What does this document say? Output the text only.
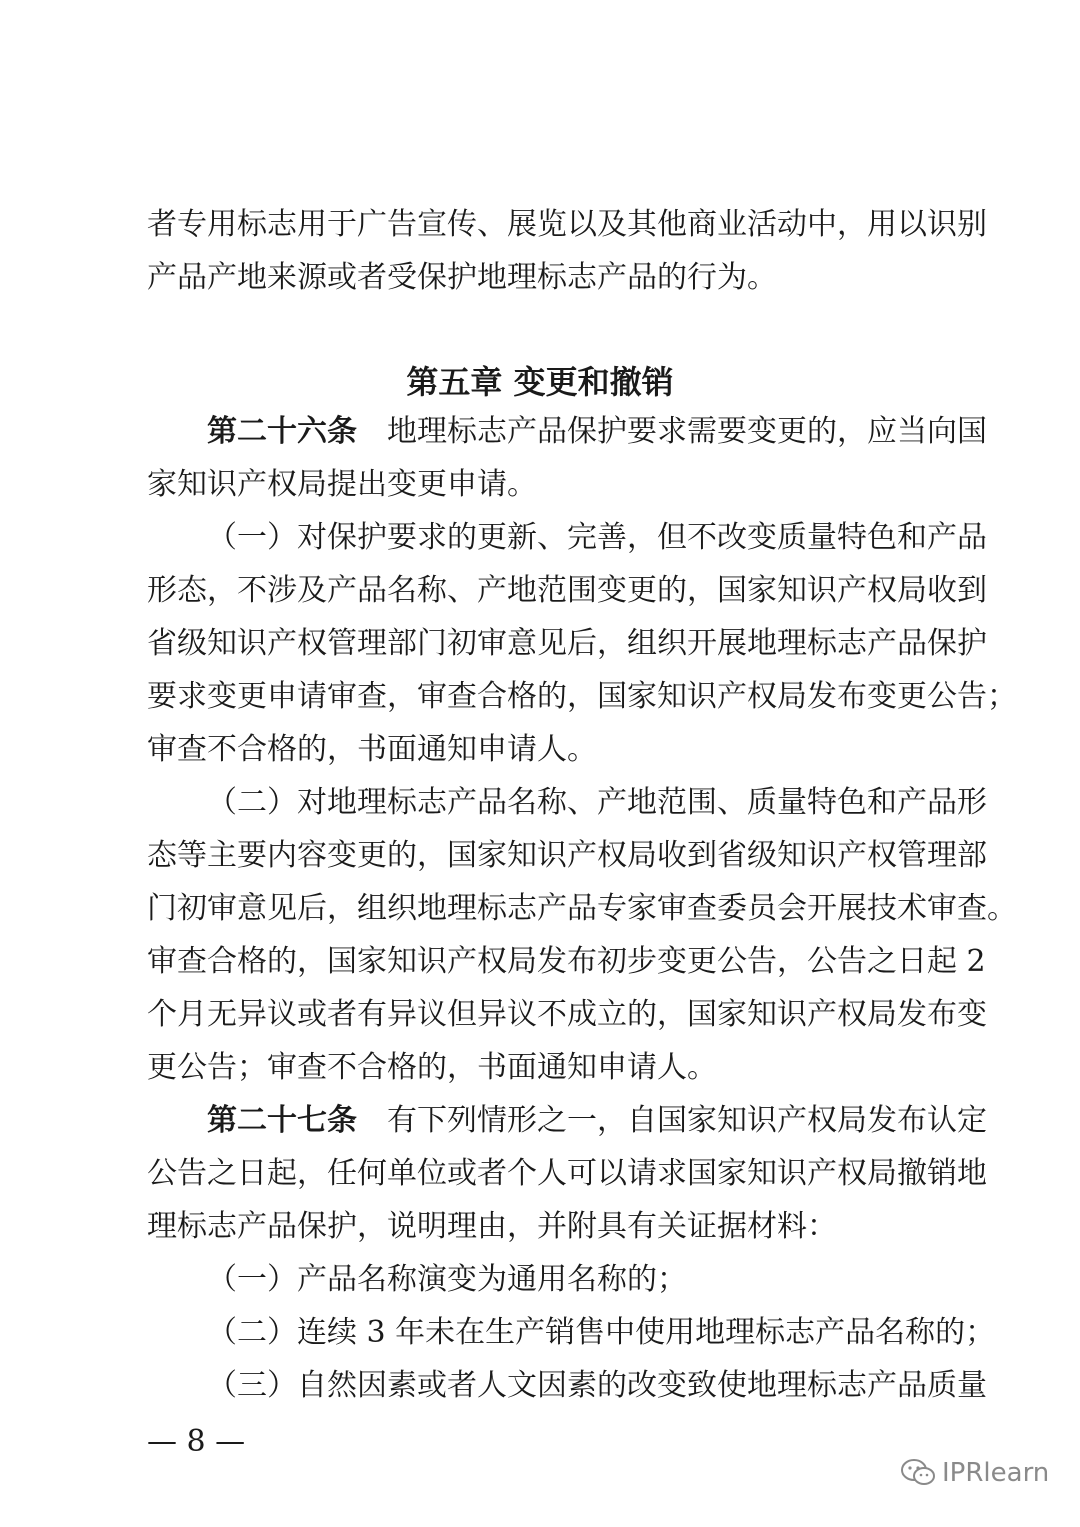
者专用标志用于广告宣传、展览以及其他商业活动中，用以识别
产品产地来源或者受保护地理标志产品的行为。
第五章 变更和撤销
第二十六条 地理标志产品保护要求需要变更的，应当向国
家知识产权局提出变更申请。
（一）对保护要求的更新、完善，但不改变质量特色和产品
形态，不涉及产品名称、产地范围变更的，国家知识产权局收到
省级知识产权管理部门初审意见后，组织开展地理标志产品保护
要求变更申请审查，审查合格的，国家知识产权局发布变更公告；
审查不合格的，书面通知申请人。
（二）对地理标志产品名称、产地范围、质量特色和产品形
态等主要内容变更的，国家知识产权局收到省级知识产权管理部
门初审意见后，组织地理标志产品专家审查委员会开展技术审查。
审查合格的，国家知识产权局发布初步变更公告，公告之日起 2
个月无异议或者有异议但异议不成立的，国家知识产权局发布变
更公告；审查不合格的，书面通知申请人。
第二十七条 有下列情形之一，自国家知识产权局发布认定
公告之日起，任何单位或者个人可以请求国家知识产权局撤销地
理标志产品保护，说明理由，并附具有关证据材料：
（一）产品名称演变为通用名称的；
（二）连续 3 年未在生产销售中使用地理标志产品名称的；
（三）自然因素或者人文因素的改变致使地理标志产品质量
— 8 —
IPRlearn
